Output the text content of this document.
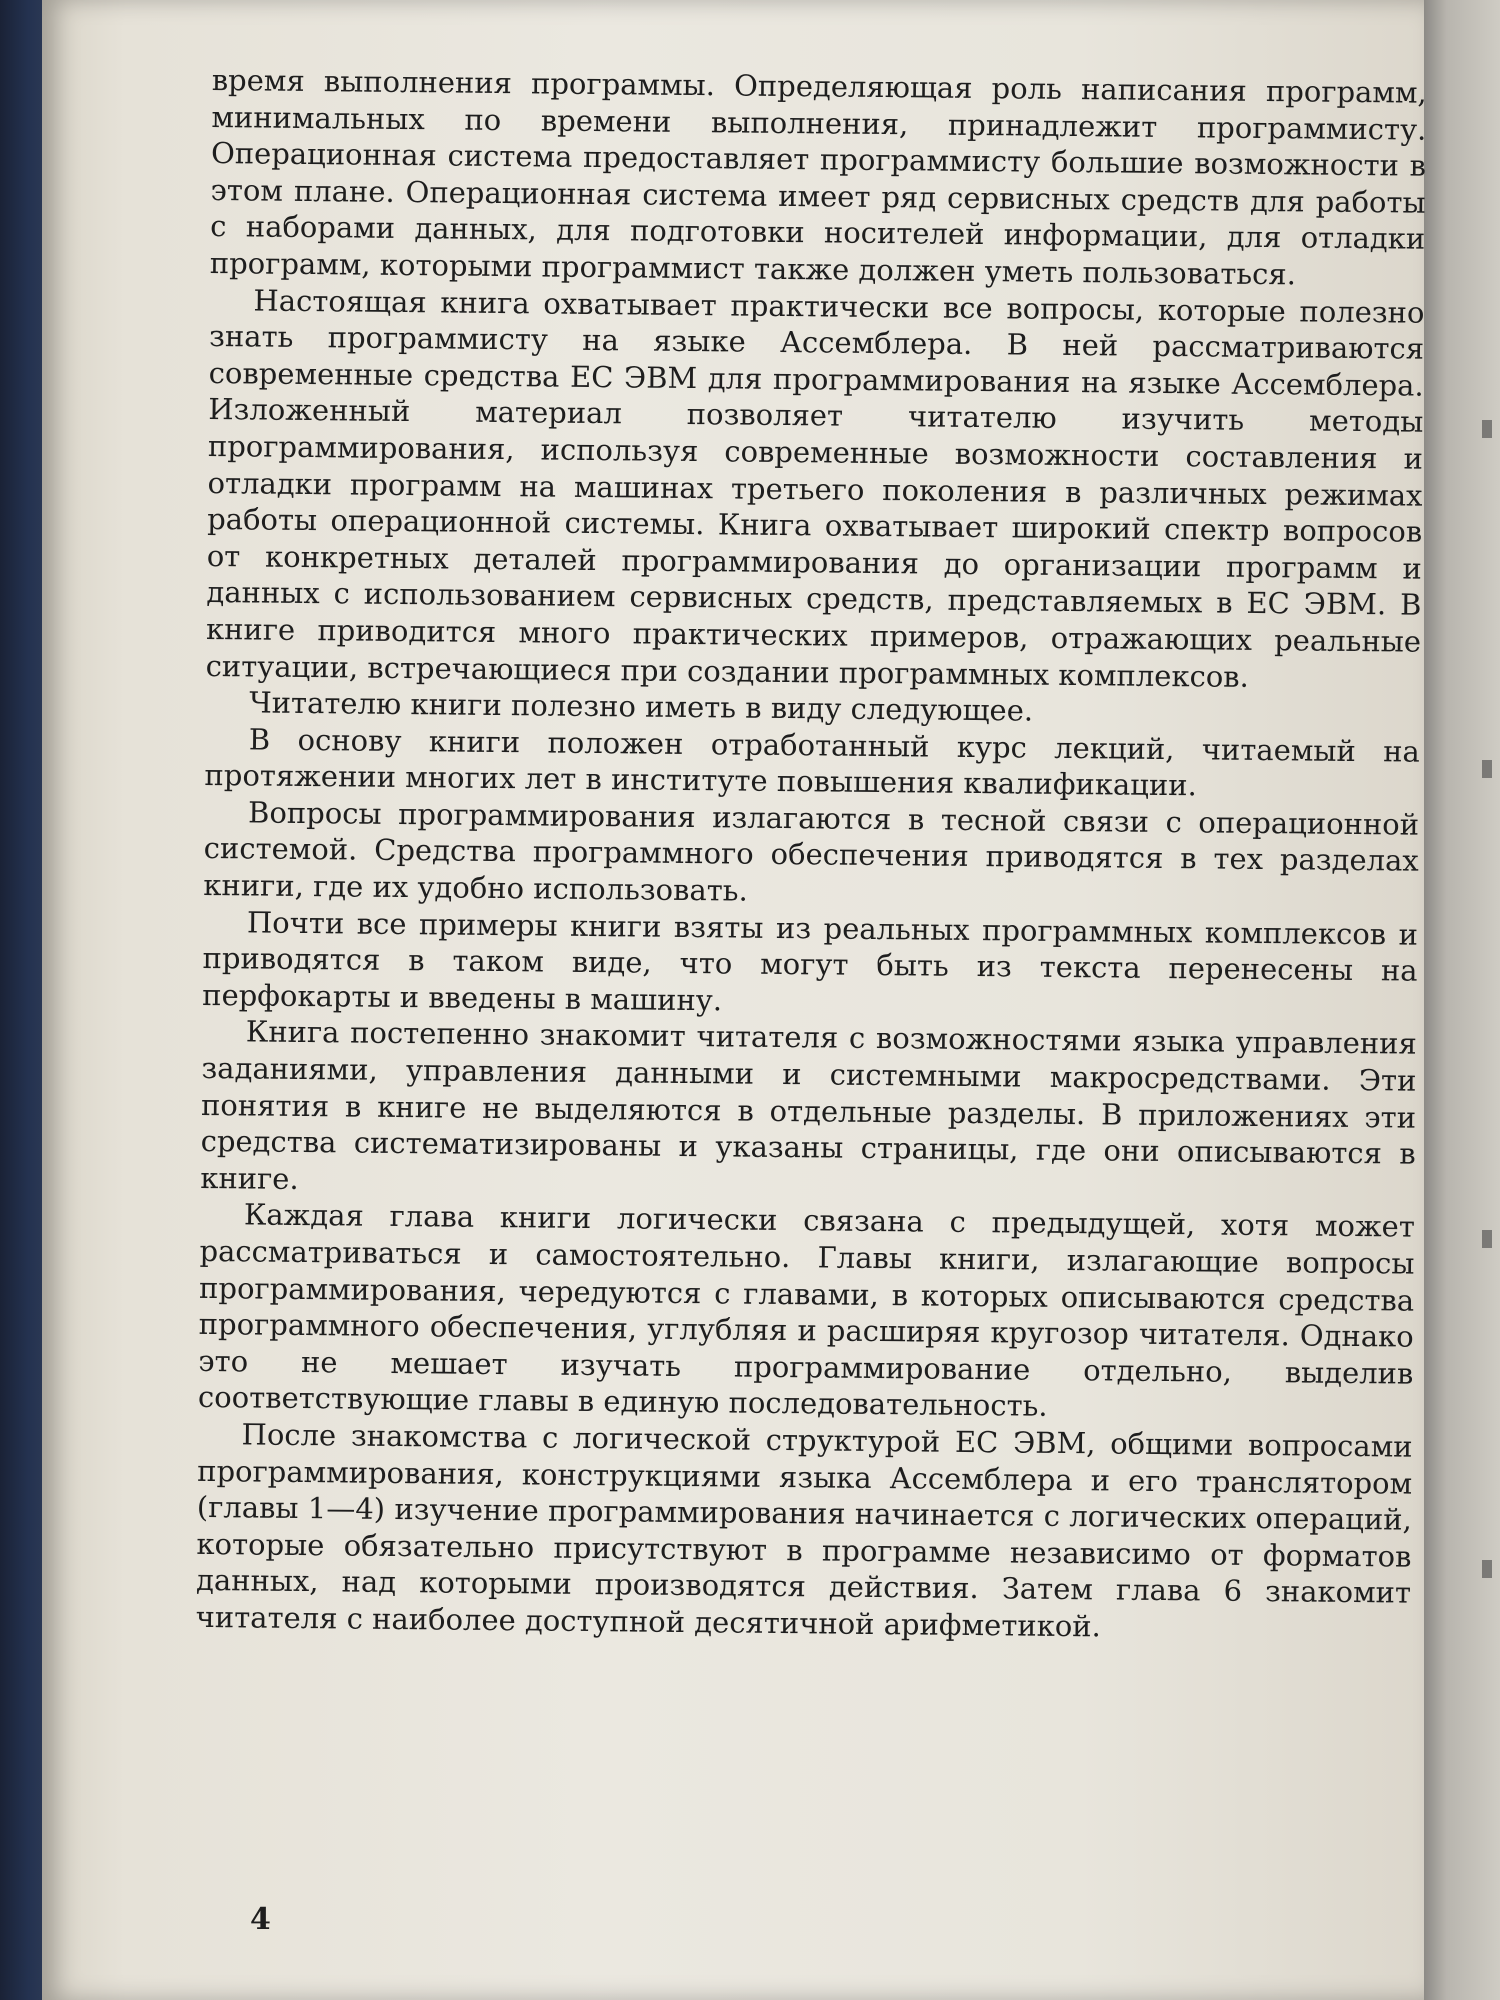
время выполнения программы. Определяющая роль написания программ, минимальных по времени выполнения, принадлежит программисту. Операционная система предоставляет программисту большие возможности в этом плане. Операционная система имеет ряд сервисных средств для работы с наборами данных, для подготовки носителей информации, для отладки программ, которыми программист также должен уметь пользоваться.

Настоящая книга охватывает практически все вопросы, которые полезно знать программисту на языке Ассемблера. В ней рассматриваются современные средства ЕС ЭВМ для программирования на языке Ассемблера. Изложенный материал позволяет читателю изучить методы программирования, используя современные возможности составления и отладки программ на машинах третьего поколения в различных режимах работы операционной системы. Книга охватывает широкий спектр вопросов от конкретных деталей программирования до организации программ и данных с использованием сервисных средств, представляемых в ЕС ЭВМ. В книге приводится много практических примеров, отражающих реальные ситуации, встречающиеся при создании программных комплексов.

Читателю книги полезно иметь в виду следующее.

В основу книги положен отработанный курс лекций, читаемый на протяжении многих лет в институте повышения квалификации.

Вопросы программирования излагаются в тесной связи с операционной системой. Средства программного обеспечения приводятся в тех разделах книги, где их удобно использовать.

Почти все примеры книги взяты из реальных программных комплексов и приводятся в таком виде, что могут быть из текста перенесены на перфокарты и введены в машину.

Книга постепенно знакомит читателя с возможностями языка управления заданиями, управления данными и системными макросредствами. Эти понятия в книге не выделяются в отдельные разделы. В приложениях эти средства систематизированы и указаны страницы, где они описываются в книге.

Каждая глава книги логически связана с предыдущей, хотя может рассматриваться и самостоятельно. Главы книги, излагающие вопросы программирования, чередуются с главами, в которых описываются средства программного обеспечения, углубляя и расширяя кругозор читателя. Однако это не мешает изучать программирование отдельно, выделив соответствующие главы в единую последовательность.

После знакомства с логической структурой ЕС ЭВМ, общими вопросами программирования, конструкциями языка Ассемблера и его транслятором (главы 1—4) изучение программирования начинается с логических операций, которые обязательно присутствуют в программе независимо от форматов данных, над которыми производятся действия. Затем глава 6 знакомит читателя с наиболее доступной десятичной арифметикой.

4
